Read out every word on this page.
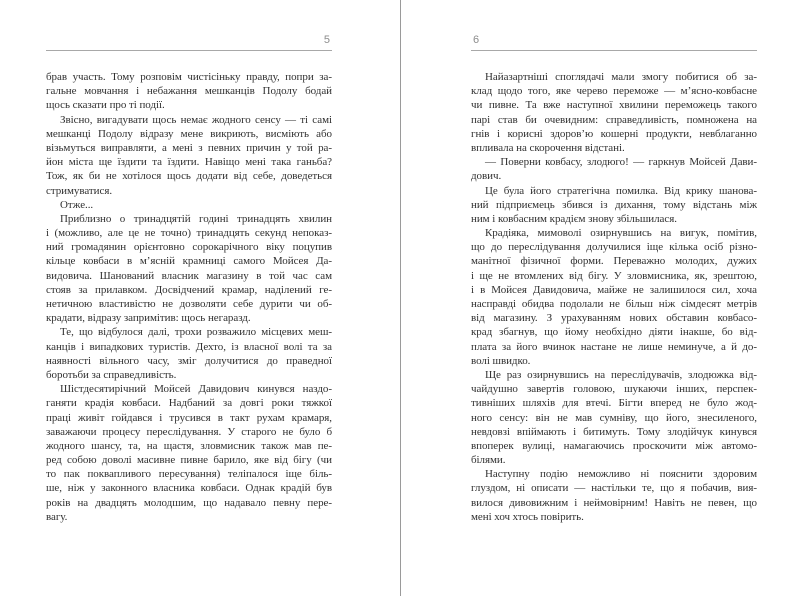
5
брав участь. Тому розповім чистісіньку правду, попри за-
гальне мовчання і небажання мешканців Подолу бодай
щось сказати про ті події.
Звісно, вигадувати щось немає жодного сенсу — ті самі
мешканці Подолу відразу мене викриють, висміють або
візьмуться виправляти, а мені з певних причин у той ра-
йон міста ще їздити та їздити. Навіщо мені така ганьба?
Тож, як би не хотілося щось додати від себе, доведеться
стримуватися.
Отже...
Приблизно о тринадцятій годині тринадцять хвилин
і (можливо, але це не точно) тринадцять секунд непоказ-
ний громадянин орієнтовно сорокарічного віку поцупив
кільце ковбаси в м’ясній крамниці самого Мойсея Да-
видовича. Шанований власник магазину в той час сам
стояв за прилавком. Досвідчений крамар, наділений ге-
нетичною властивістю не дозволяти себе дурити чи об-
крадати, відразу запримітив: щось негаразд.
Те, що відбулося далі, трохи розважило місцевих меш-
канців і випадкових туристів. Дехто, із власної волі та за
наявності вільного часу, зміг долучитися до праведної
боротьби за справедливість.
Шістдесятирічний Мойсей Давидович кинувся наздо-
ганяти крадія ковбаси. Надбаний за довгі роки тяжкої
праці живіт гойдався і трусився в такт рухам крамаря,
заважаючи процесу переслідування. У старого не було б
жодного шансу, та, на щастя, зловмисник також мав пе-
ред собою доволі масивне пивне барило, яке від бігу (чи
то пак поквапливого пересування) теліпалося іще біль-
ше, ніж у законного власника ковбаси. Однак крадій був
років на двадцять молодшим, що надавало певну пере-
вагу.
6
Найазартніші споглядачі мали змогу побитися об за-
клад щодо того, яке черево переможе — м’ясно-ковбасне
чи пивне. Та вже наступної хвилини переможець такого
парі став би очевидним: справедливість, помножена на
гнів і корисні здоров’ю кошерні продукти, невблаганно
впливала на скорочення відстані.
— Поверни ковбасу, злодюго! — гаркнув Мойсей Дави-
дович.
Це була його стратегічна помилка. Від крику шанова-
ний підприємець збився із дихання, тому відстань між
ним і ковбасним крадієм знову збільшилася.
Крадіяка, мимоволі озирнувшись на вигук, помітив,
що до переслідування долучилися іще кілька осіб різно-
манітної фізичної форми. Переважно молодих, дужих
і ще не втомлених від бігу. У зловмисника, як, зрештою,
і в Мойсея Давидовича, майже не залишилося сил, хоча
насправді обидва подолали не більш ніж сімдесят метрів
від магазину. З урахуванням нових обставин ковбасо-
крад збагнув, що йому необхідно діяти інакше, бо від-
плата за його вчинок настане не лише неминуче, а й до-
волі швидко.
Ще раз озирнувшись на переслідувачів, злодюжка від-
чайдушно завертів головою, шукаючи інших, перспек-
тивніших шляхів для втечі. Бігти вперед не було жод-
ного сенсу: він не мав сумніву, що його, знесиленого,
невдовзі впіймають і битимуть. Тому злодійчук кинувся
впоперек вулиці, намагаючись проскочити між автомо-
білями.
Наступну подію неможливо ні пояснити здоровим
глуздом, ні описати — настільки те, що я побачив, вия-
вилося дивовижним і неймовірним! Навіть не певен, що
мені хоч хтось повірить.
